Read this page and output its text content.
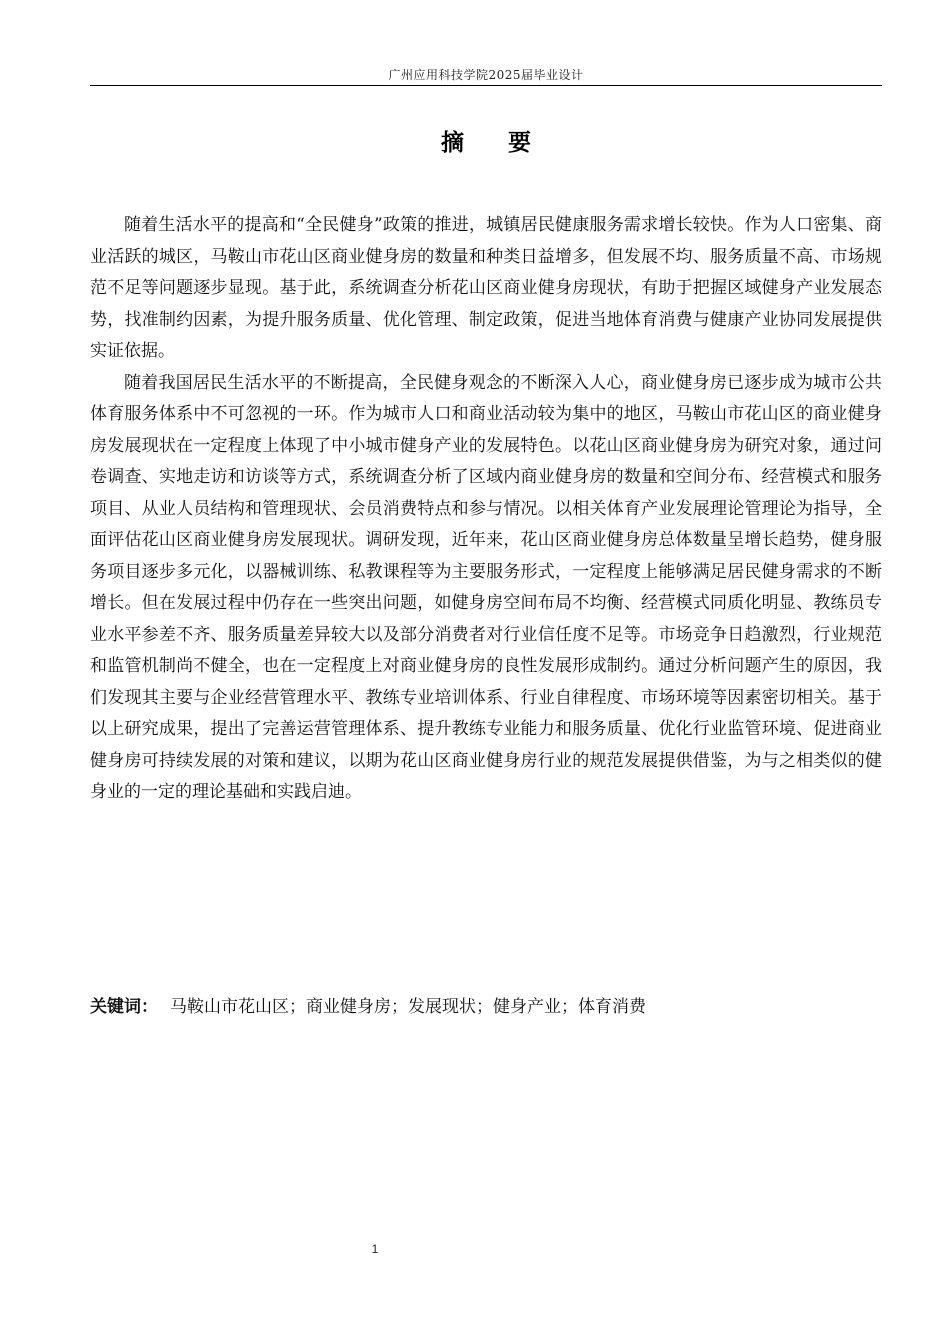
广州应用科技学院2025届毕业设计
摘要

随着生活水平的提高和“全民健身”政策的推进，城镇居民健康服务需求增长较快。作为人口密集、商业活跃的城区，马鞍山市花山区商业健身房的数量和种类日益增多，但发展不均、服务质量不高、市场规范不足等问题逐步显现。基于此，系统调查分析花山区商业健身房现状，有助于把握区域健身产业发展态势，找准制约因素，为提升服务质量、优化管理、制定政策，促进当地体育消费与健康产业协同发展提供实证依据。

随着我国居民生活水平的不断提高，全民健身观念的不断深入人心，商业健身房已逐步成为城市公共体育服务体系中不可忽视的一环。作为城市人口和商业活动较为集中的地区，马鞍山市花山区的商业健身房发展现状在一定程度上体现了中小城市健身产业的发展特色。以花山区商业健身房为研究对象，通过问卷调查、实地走访和访谈等方式，系统调查分析了区域内商业健身房的数量和空间分布、经营模式和服务项目、从业人员结构和管理现状、会员消费特点和参与情况。以相关体育产业发展理论管理论为指导，全面评估花山区商业健身房发展现状。调研发现，近年来，花山区商业健身房总体数量呈增长趋势，健身服务项目逐步多元化，以器械训练、私教课程等为主要服务形式，一定程度上能够满足居民健身需求的不断增长。但在发展过程中仍存在一些突出问题，如健身房空间布局不均衡、经营模式同质化明显、教练员专业水平参差不齐、服务质量差异较大以及部分消费者对行业信任度不足等。市场竞争日趋激烈，行业规范和监管机制尚不健全，也在一定程度上对商业健身房的良性发展形成制约。通过分析问题产生的原因，我们发现其主要与企业经营管理水平、教练专业培训体系、行业自律程度、市场环境等因素密切相关。基于以上研究成果，提出了完善运营管理体系、提升教练专业能力和服务质量、优化行业监管环境、促进商业健身房可持续发展的对策和建议，以期为花山区商业健身房行业的规范发展提供借鉴，为与之相类似的健身业的一定的理论基础和实践启迪。

关键词： 马鞍山市花山区；商业健身房；发展现状；健身产业；体育消费
1
